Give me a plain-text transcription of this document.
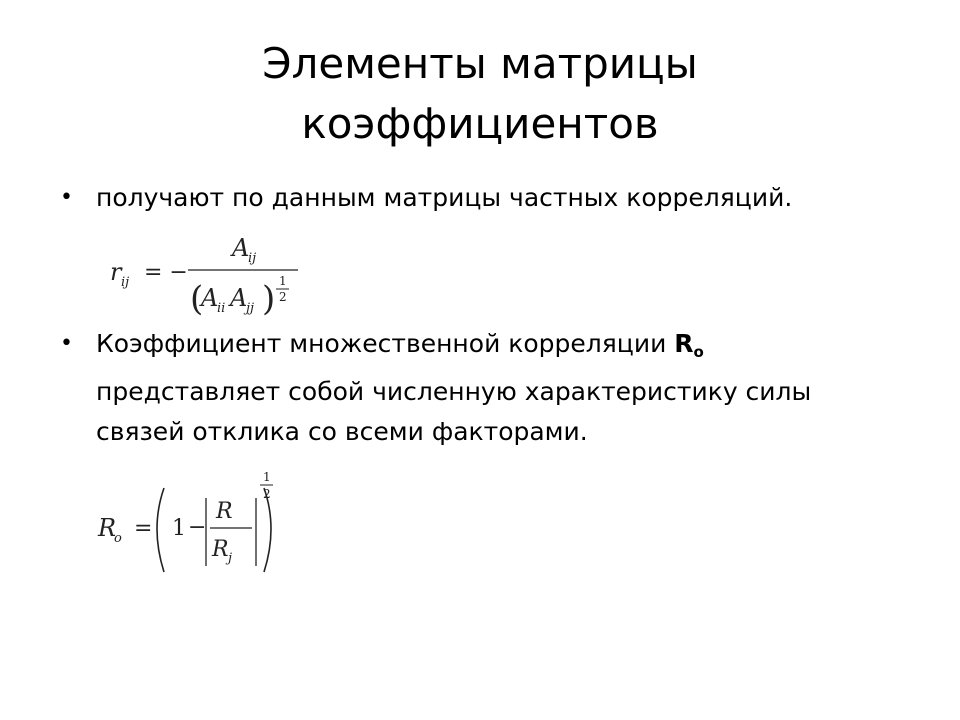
Элементы матрицы
коэффициентов
• получают по данным матрицы частных корреляций.
r ij = −
A
ij
(
A
ii A
jj ) 1
2
• Коэффициент множественной корреляции $R_o$
представляет собой численную характеристику силы
связей отклика со всеми факторами.
R
o = 1 −
R
R j
1
2
